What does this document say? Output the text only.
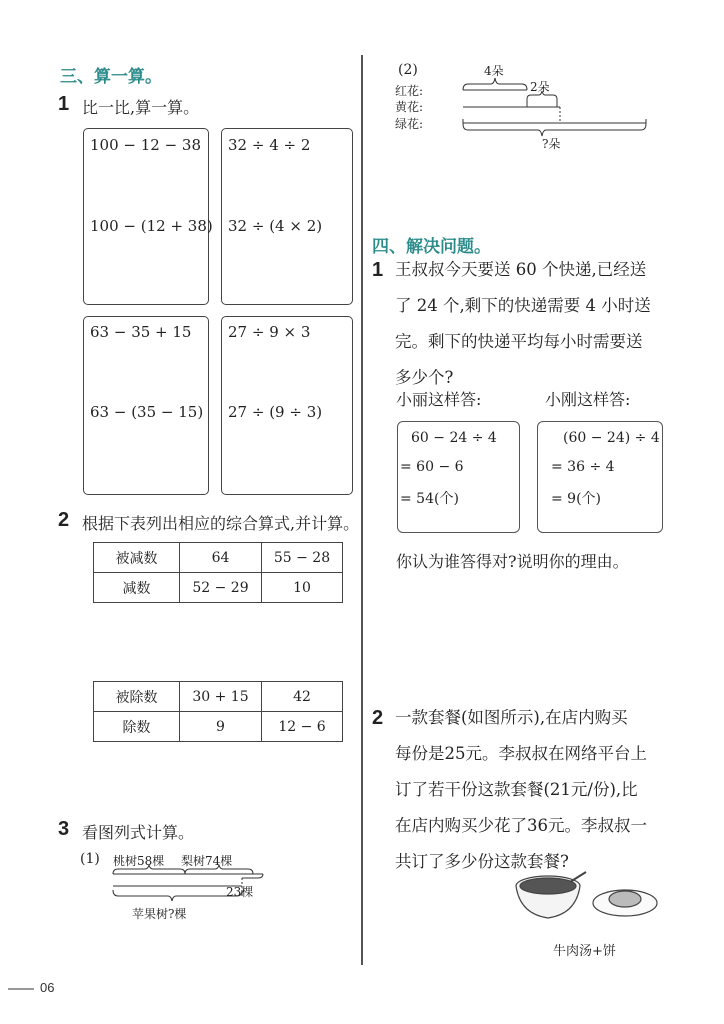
三、算一算。
1 比一比,算一算。
100 − 12 − 38
100 − (12 + 38)
32 ÷ 4 ÷ 2
32 ÷ (4 × 2)
63 − 35 + 15
63 − (35 − 15)
27 ÷ 9 × 3
27 ÷ (9 ÷ 3)
2 根据下表列出相应的综合算式,并计算。
被减数	64	55 − 28
减数	52 − 29	10
被除数	30 + 15	42
除数	9	12 − 6
3 看图列式计算。
(1) 桃树58棵 梨树74棵
23棵
苹果树?棵
(2)
红花:
黄花:
绿花:
4朵
2朵
?朵
四、解决问题。
1 王叔叔今天要送 60 个快递,已经送
了 24 个,剩下的快递需要 4 小时送
完。剩下的快递平均每小时需要送
多少个?
小丽这样答:	小刚这样答:
60 − 24 ÷ 4
= 60 − 6
= 54(个)
(60 − 24) ÷ 4
= 36 ÷ 4
= 9(个)
你认为谁答得对?说明你的理由。
2 一款套餐(如图所示),在店内购买
每份是25元。李叔叔在网络平台上
订了若干份这款套餐(21元/份),比
在店内购买少花了36元。李叔叔一
共订了多少份这款套餐?
牛肉汤+饼
06
